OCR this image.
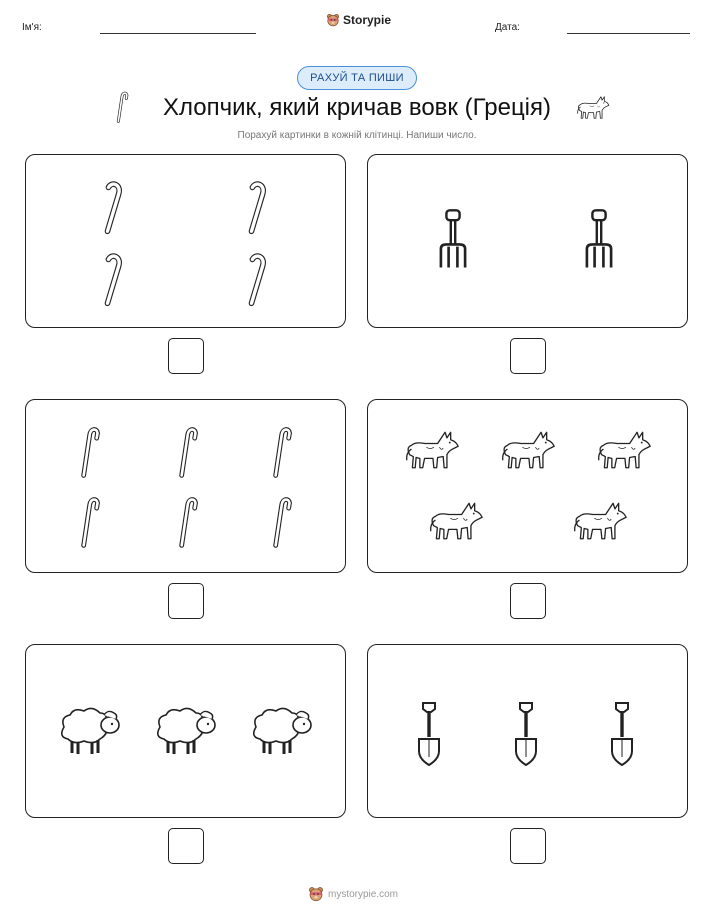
Ім'я:
Storypie
Дата:
РАХУЙ ТА ПИШИ
Хлопчик, який кричав вовк (Греція)
Порахуй картинки в кожній клітинці. Напиши число.
mystorypie.com
